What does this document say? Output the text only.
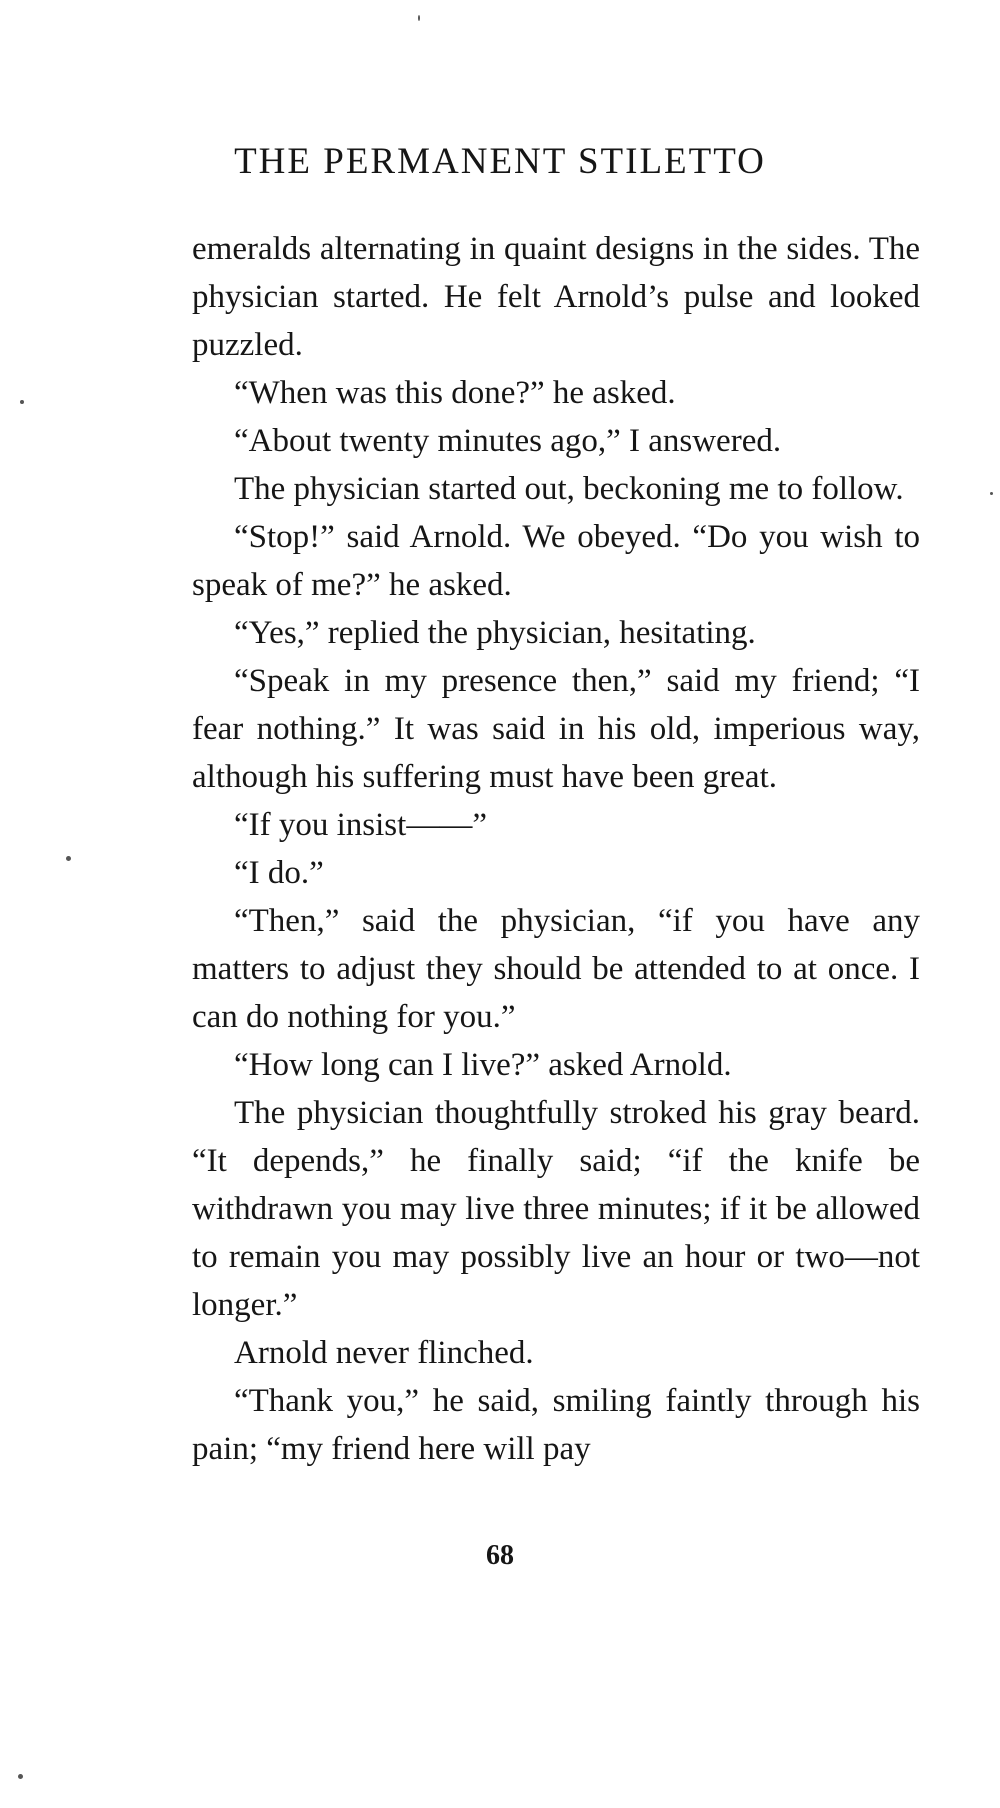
THE PERMANENT STILETTO

emeralds alternating in quaint designs in the sides. The physician started. He felt Arnold’s pulse and looked puzzled.

“When was this done?” he asked.

“About twenty minutes ago,” I answered.

The physician started out, beckoning me to follow.

“Stop!” said Arnold. We obeyed. “Do you wish to speak of me?” he asked.

“Yes,” replied the physician, hesitating.

“Speak in my presence then,” said my friend; “I fear nothing.” It was said in his old, imperious way, although his suffering must have been great.

“If you insist——”

“I do.”

“Then,” said the physician, “if you have any matters to adjust they should be attended to at once. I can do nothing for you.”

“How long can I live?” asked Arnold.

The physician thoughtfully stroked his gray beard. “It depends,” he finally said; “if the knife be withdrawn you may live three minutes; if it be allowed to remain you may possibly live an hour or two—not longer.”

Arnold never flinched.

“Thank you,” he said, smiling faintly through his pain; “my friend here will pay

68
